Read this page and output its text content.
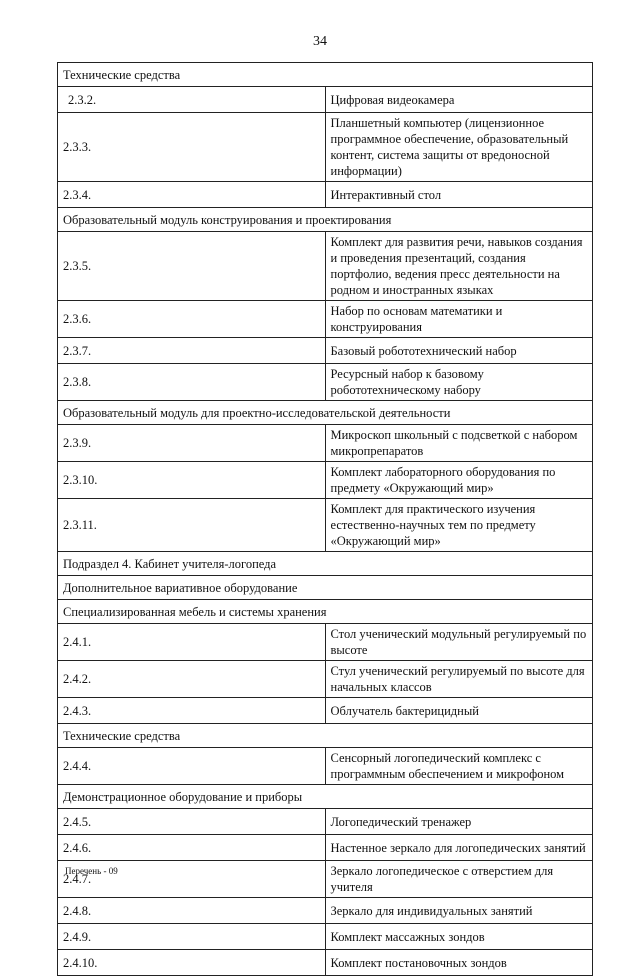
34
Технические средства	
2.3.2.	Цифровая видеокамера
2.3.3.	Планшетный компьютер (лицензионное программное обеспечение, образовательный контент, система защиты от вредоносной информации)
2.3.4.	Интерактивный стол
Образовательный модуль конструирования и проектирования	
2.3.5.	Комплект для развития речи, навыков создания и проведения презентаций, создания портфолио, ведения пресс деятельности на родном и иностранных языках
2.3.6.	Набор по основам математики и конструирования
2.3.7.	Базовый робототехнический набор
2.3.8.	Ресурсный набор к базовому робототехническому набору
Образовательный модуль для проектно-исследовательской деятельности	
2.3.9.	Микроскоп школьный с подсветкой с набором микропрепаратов
2.3.10.	Комплект лабораторного оборудования по предмету «Окружающий мир»
2.3.11.	Комплект для практического изучения естественно-научных тем по предмету «Окружающий мир»
Подраздел 4. Кабинет учителя-логопеда	
Дополнительное вариативное оборудование	
Специализированная мебель и системы хранения	
2.4.1.	Стол ученический модульный регулируемый по высоте
2.4.2.	Стул ученический регулируемый по высоте для начальных классов
2.4.3.	Облучатель бактерицидный
Технические средства	
2.4.4.	Сенсорный логопедический комплекс с программным обеспечением и микрофоном
Демонстрационное оборудование и приборы	
2.4.5.	Логопедический тренажер
2.4.6.	Настенное зеркало для логопедических занятий
2.4.7.	Зеркало логопедическое с отверстием для учителя
2.4.8.	Зеркало для индивидуальных занятий
2.4.9.	Комплект массажных зондов
2.4.10.	Комплект постановочных зондов
Перечень - 09
